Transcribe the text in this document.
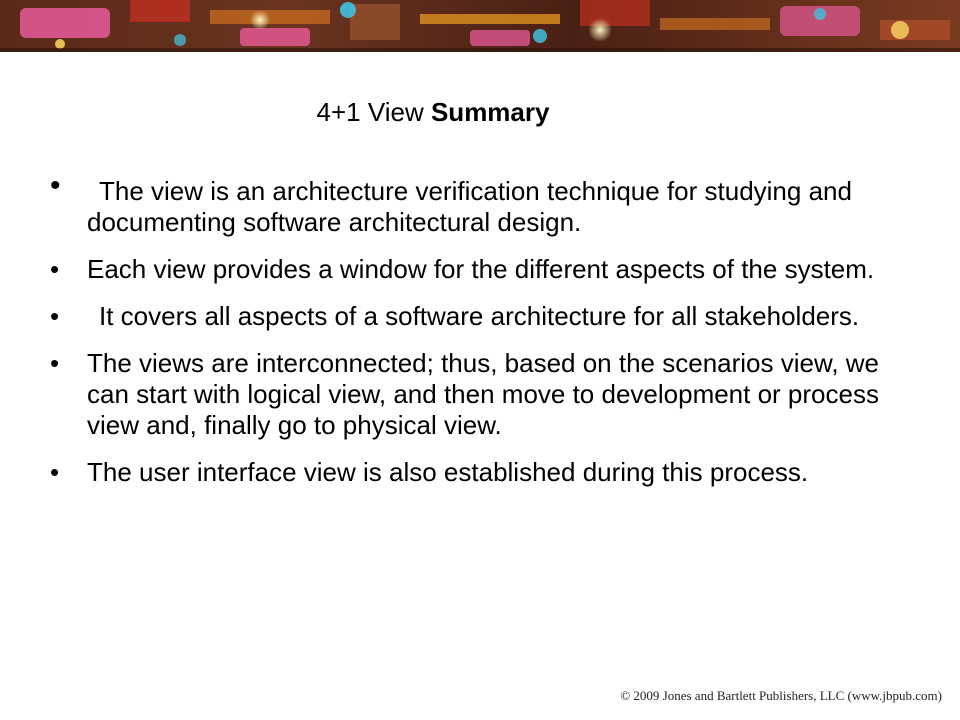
4+1 View Summary
• The view is an architecture verification technique for studying and documenting software architectural design.
• Each view provides a window for the different aspects of the system.
• It covers all aspects of a software architecture for all stakeholders.
• The views are interconnected; thus, based on the scenarios view, we can start with logical view, and then move to development or process view and, finally go to physical view.
• The user interface view is also established during this process.
© 2009 Jones and Bartlett Publishers, LLC (www.jbpub.com)
